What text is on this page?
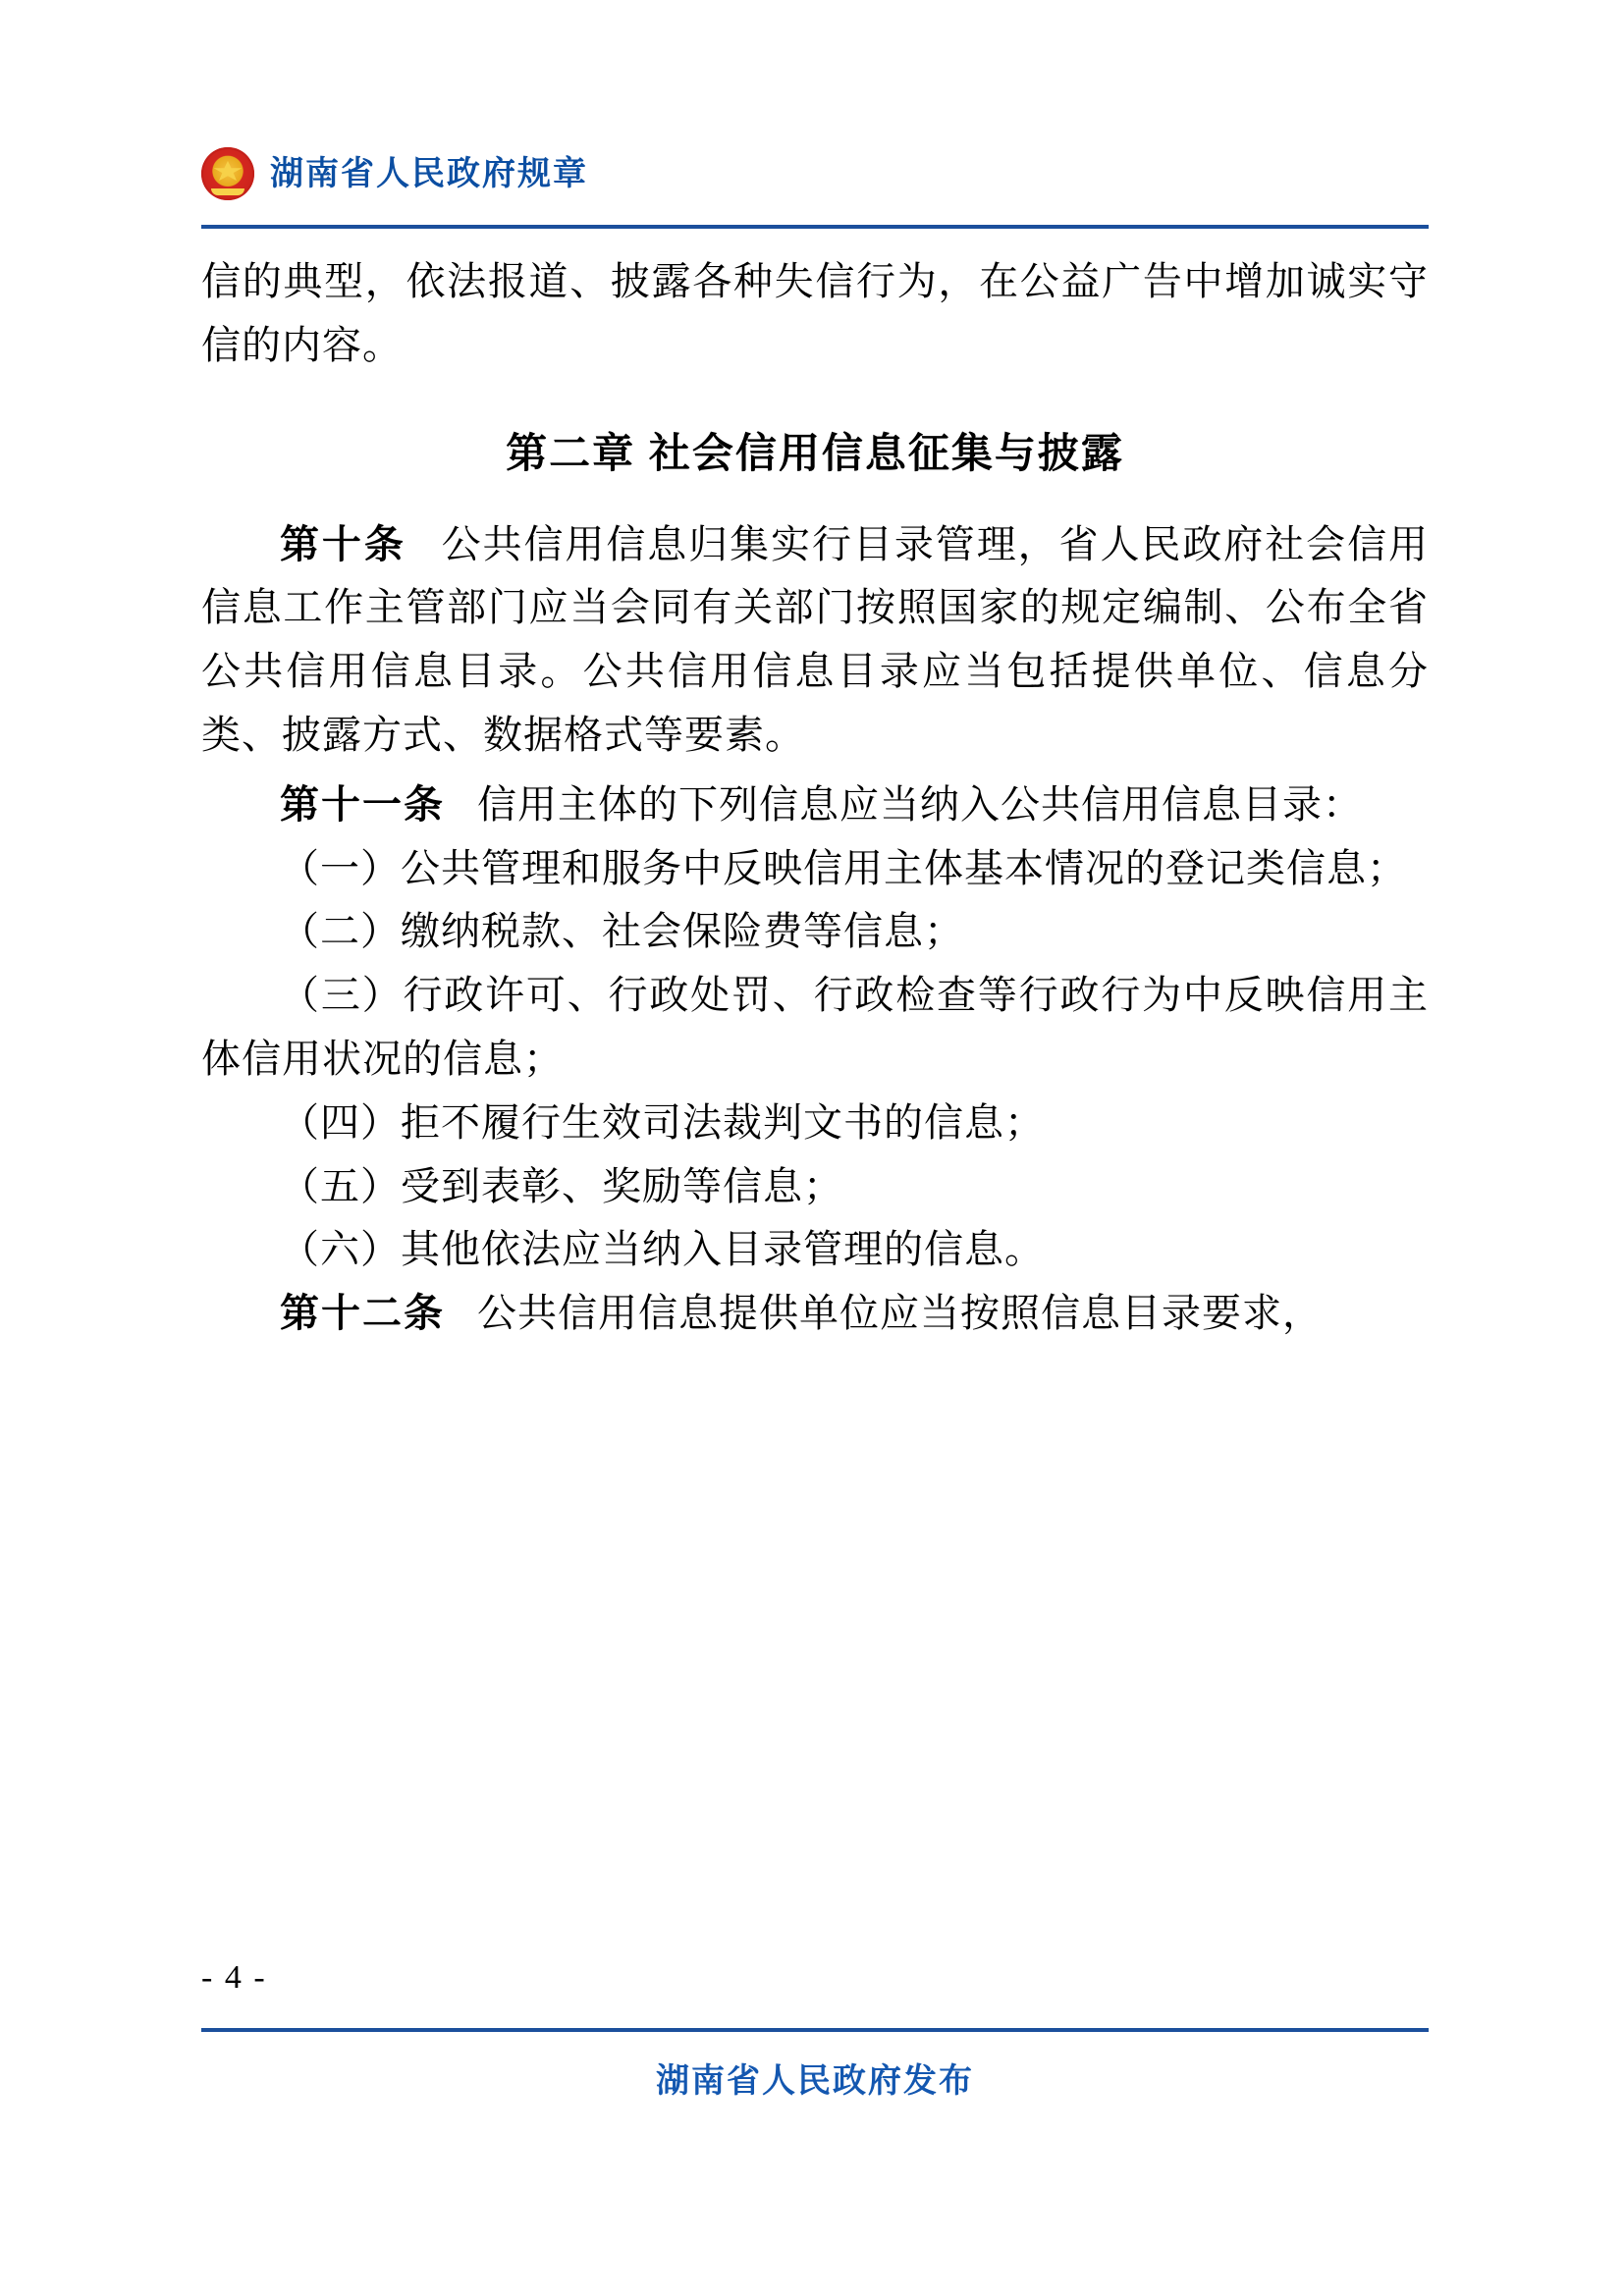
湖南省人民政府规章

信的典型，依法报道、披露各种失信行为，在公益广告中增加诚实守信的内容。

第二章 社会信用信息征集与披露

第十条 公共信用信息归集实行目录管理，省人民政府社会信用信息工作主管部门应当会同有关部门按照国家的规定编制、公布全省公共信用信息目录。公共信用信息目录应当包括提供单位、信息分类、披露方式、数据格式等要素。

第十一条 信用主体的下列信息应当纳入公共信用信息目录：

（一）公共管理和服务中反映信用主体基本情况的登记类信息；

（二）缴纳税款、社会保险费等信息；

（三）行政许可、行政处罚、行政检查等行政行为中反映信用主体信用状况的信息；

（四）拒不履行生效司法裁判文书的信息；

（五）受到表彰、奖励等信息；

（六）其他依法应当纳入目录管理的信息。

第十二条 公共信用信息提供单位应当按照信息目录要求，

- 4 -
湖南省人民政府发布
